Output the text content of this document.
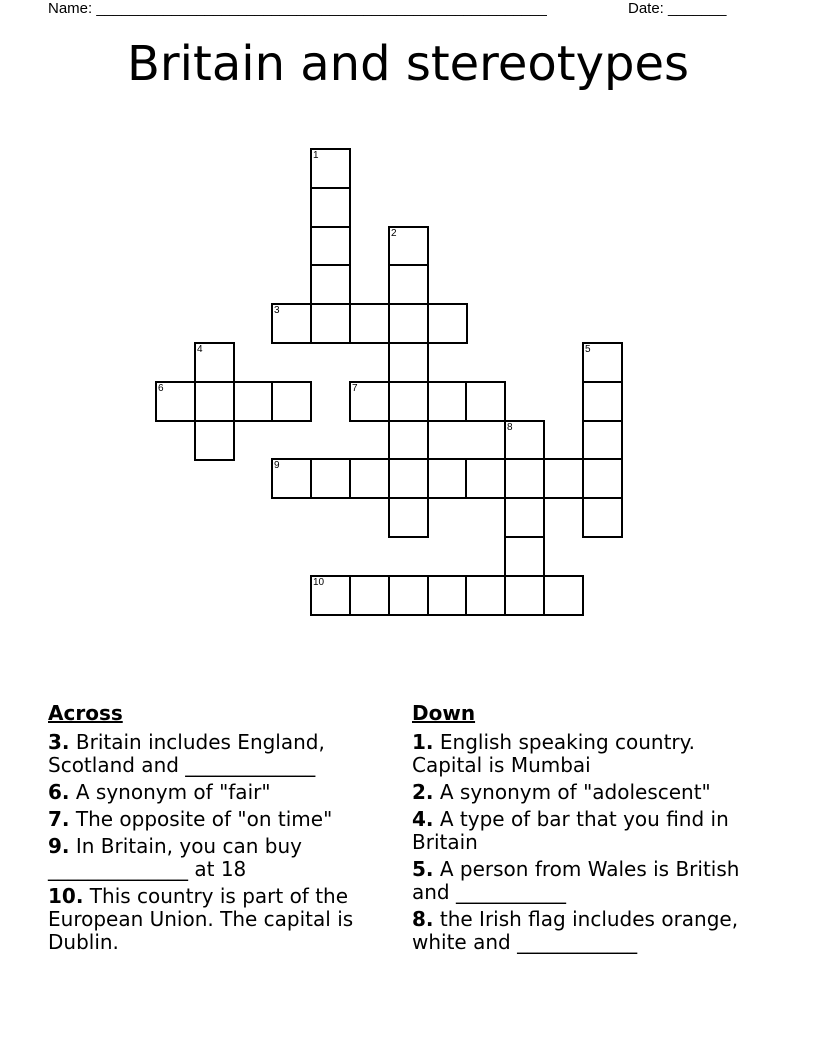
Name: ______________________________________________________	Date: _______
Britain and stereotypes
1
2
3
4	5
6	7
8
9
10
Across
3. Britain includes England, Scotland and _____________
6. A synonym of "fair"
7. The opposite of "on time"
9. In Britain, you can buy ______________ at 18
10. This country is part of the European Union. The capital is Dublin.
Down
1. English speaking country. Capital is Mumbai
2. A synonym of "adolescent"
4. A type of bar that you find in Britain
5. A person from Wales is British and ___________
8. the Irish flag includes orange, white and ____________
